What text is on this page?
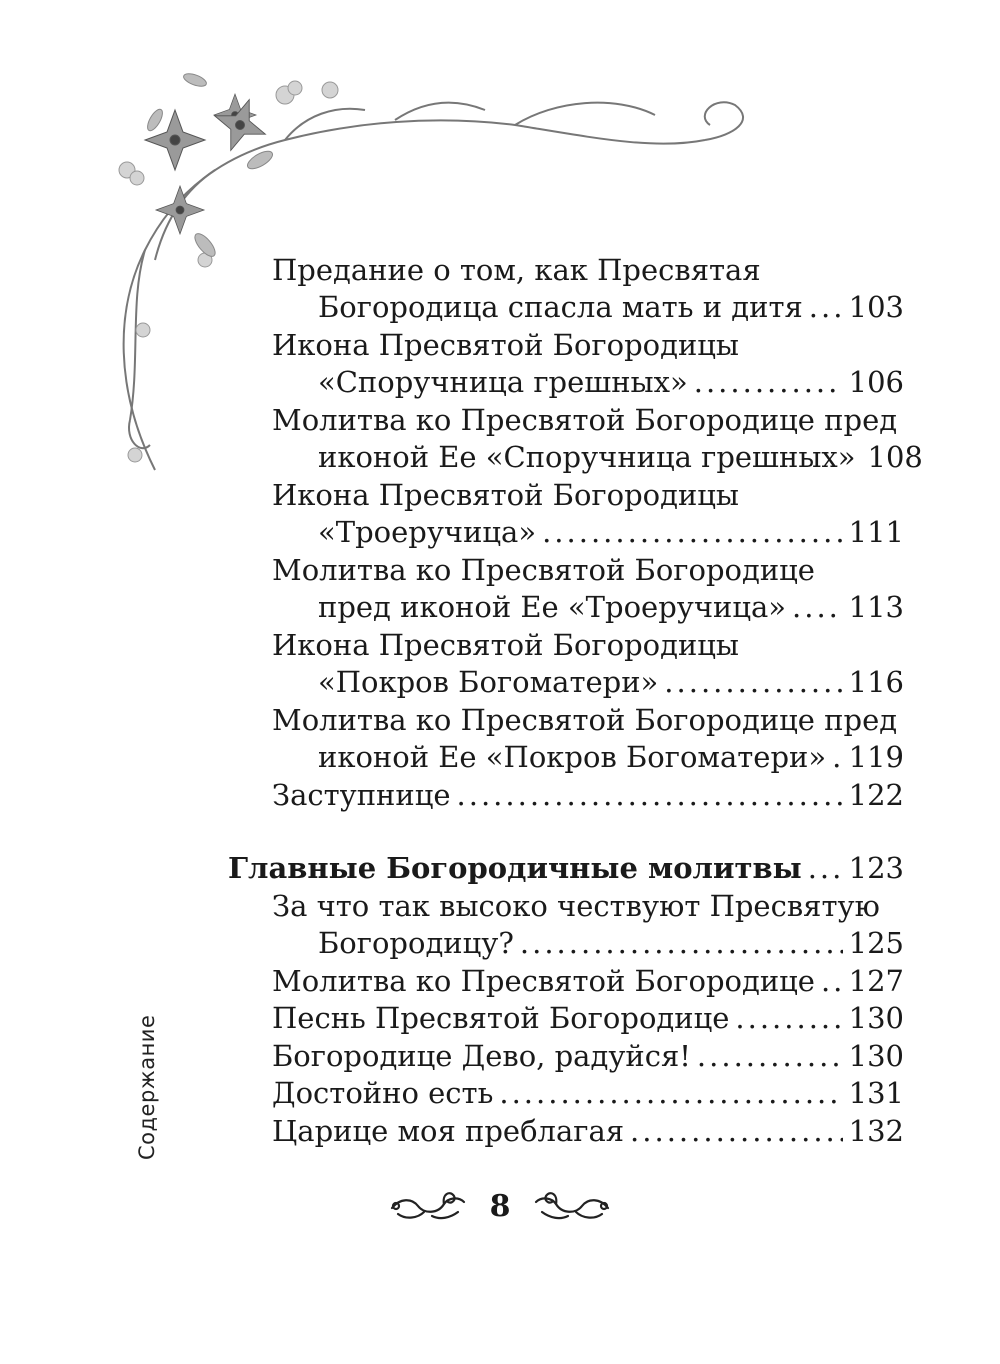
Предание о том, как Пресвятая
Богородица спасла мать и дитя ..... 103
Икона Пресвятой Богородицы
«Споручница грешных» .....	106
Молитва ко Пресвятой Богородице пред
иконой Ее «Споручница грешных» 108
Икона Пресвятой Богородицы
«Троеручица» .....	111
Молитва ко Пресвятой Богородице
пред иконой Ее «Троеручица» ..... 113
Икона Пресвятой Богородицы
«Покров Богоматери» .....	116
Молитва ко Пресвятой Богородице пред
иконой Ее «Покров Богоматери» ..... 119
Заступнице .....	122
Главные Богородичные молитвы ..... 123
За что так высоко чествуют Пресвятую
Богородицу? .....	125
Молитва ко Пресвятой Богородице ..... 127
Песнь Пресвятой Богородице .....	130
Богородице Дево, радуйся! .....	130
Достойно есть .....	131
Царице моя преблагая .....	132
Содержание
8
